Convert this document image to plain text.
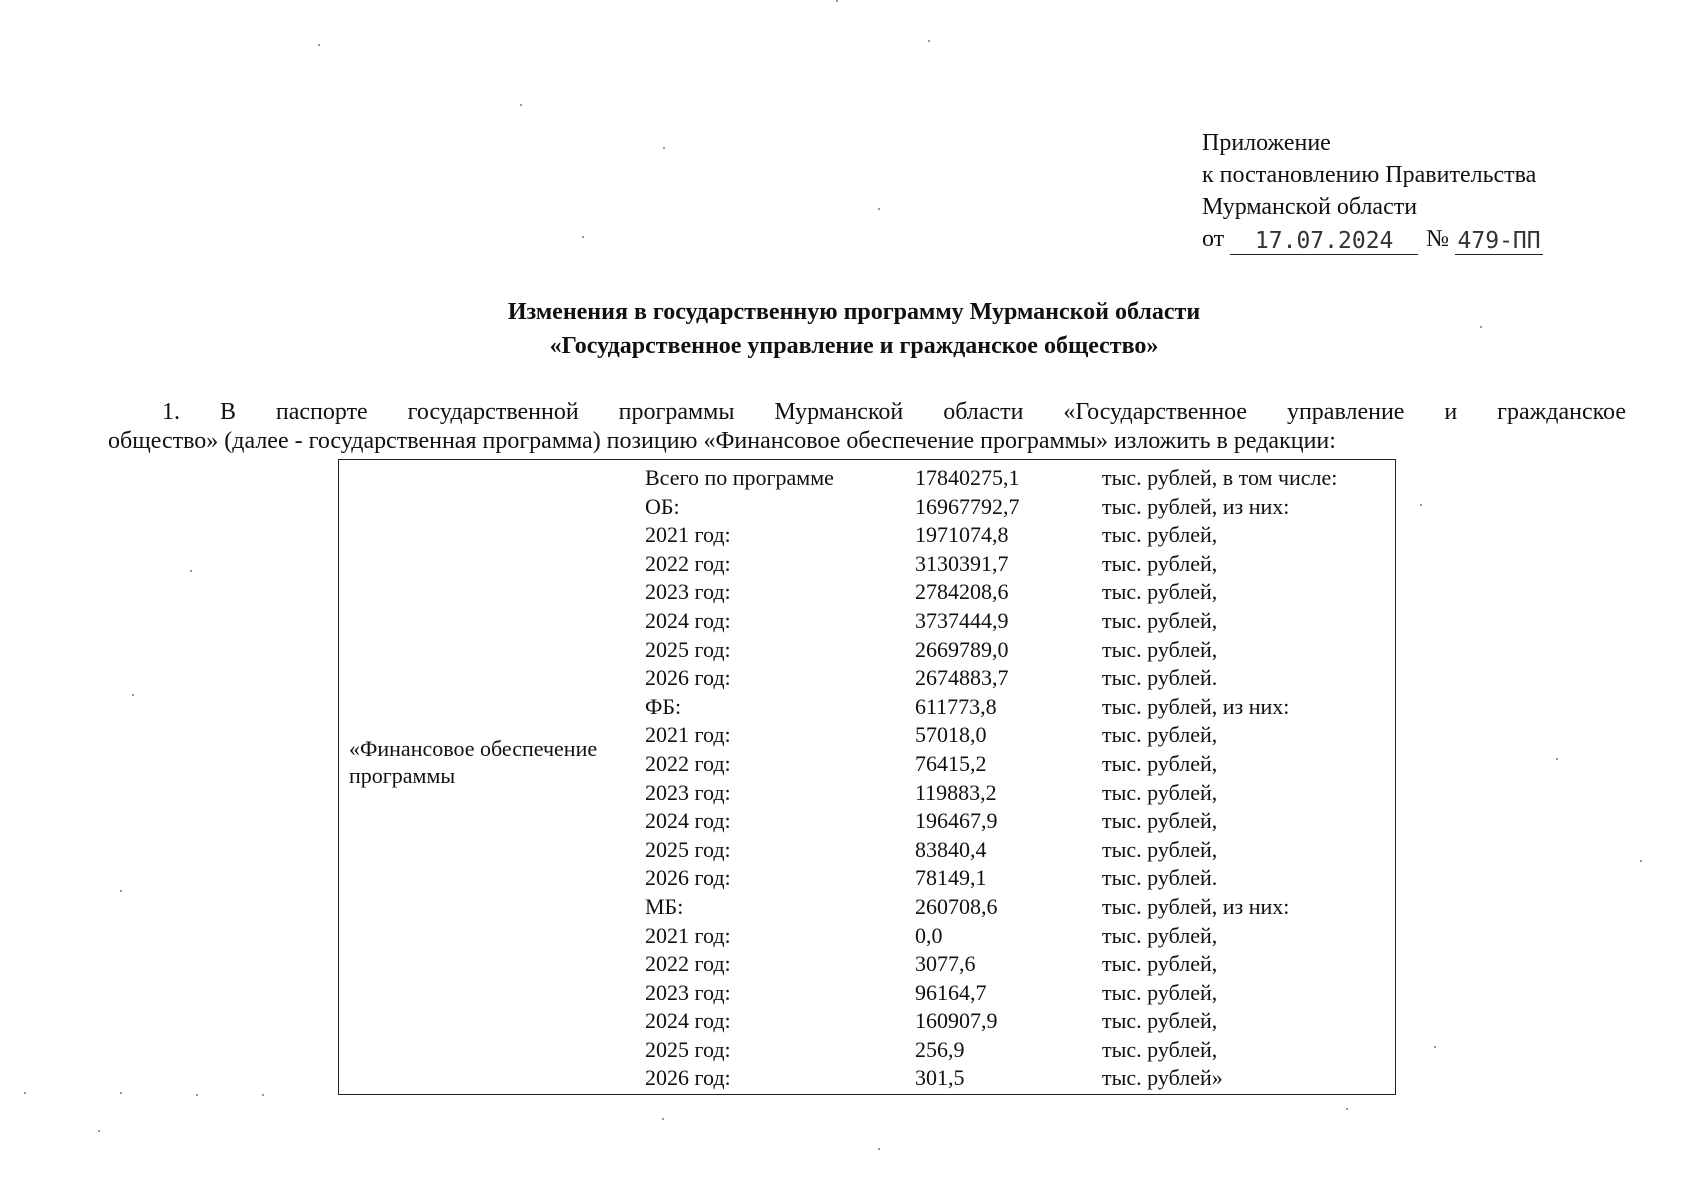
Приложение
к постановлению Правительства
Мурманской области
от	17.07.2024	№ 479-ПП
Изменения в государственную программу Мурманской области
«Государственное управление и гражданское общество»
1. В паспорте государственной программы Мурманской области «Государственное управление и гражданское
общество» (далее - государственная программа) позицию «Финансовое обеспечение программы» изложить в редакции:
«Финансовое обеспечение программы
Всего по программе	17840275,1	тыс. рублей, в том числе:
ОБ:	16967792,7	тыс. рублей, из них:
2021 год:	1971074,8	тыс. рублей,
2022 год:	3130391,7	тыс. рублей,
2023 год:	2784208,6	тыс. рублей,
2024 год:	3737444,9	тыс. рублей,
2025 год:	2669789,0	тыс. рублей,
2026 год:	2674883,7	тыс. рублей.
ФБ:	611773,8	тыс. рублей, из них:
2021 год:	57018,0	тыс. рублей,
2022 год:	76415,2	тыс. рублей,
2023 год:	119883,2	тыс. рублей,
2024 год:	196467,9	тыс. рублей,
2025 год:	83840,4	тыс. рублей,
2026 год:	78149,1	тыс. рублей.
МБ:	260708,6	тыс. рублей, из них:
2021 год:	0,0	тыс. рублей,
2022 год:	3077,6	тыс. рублей,
2023 год:	96164,7	тыс. рублей,
2024 год:	160907,9	тыс. рублей,
2025 год:	256,9	тыс. рублей,
2026 год:	301,5	тыс. рублей»
